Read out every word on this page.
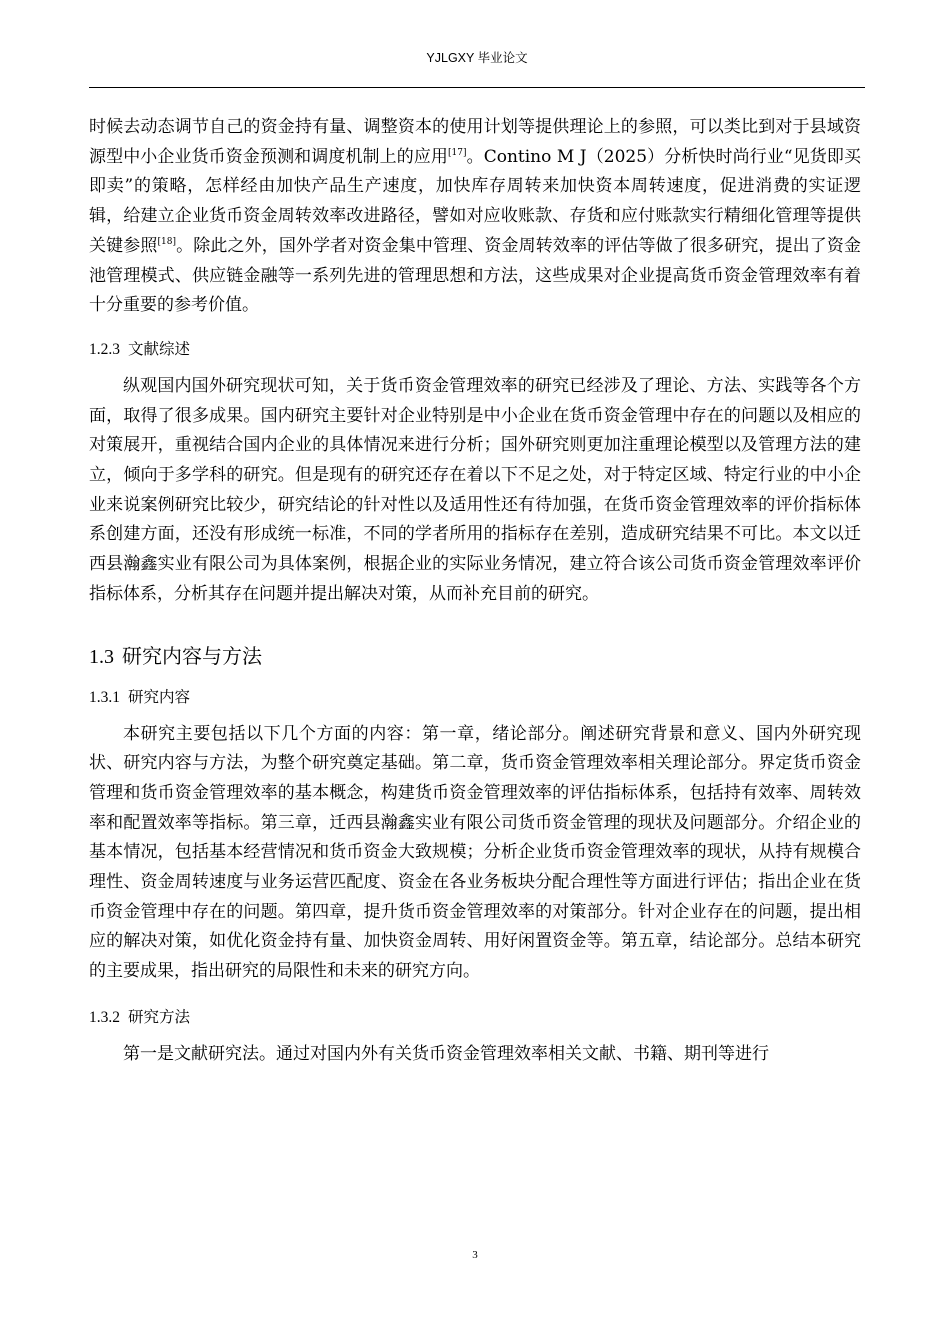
YJLGXY 毕业论文

时候去动态调节自己的资金持有量、调整资本的使用计划等提供理论上的参照，可以类比到对于县域资源型中小企业货币资金预测和调度机制上的应用[17]。Contino M J（2025）分析快时尚行业“见货即买即卖”的策略，怎样经由加快产品生产速度，加快库存周转来加快资本周转速度，促进消费的实证逻辑，给建立企业货币资金周转效率改进路径，譬如对应收账款、存货和应付账款实行精细化管理等提供关键参照[18]。除此之外，国外学者对资金集中管理、资金周转效率的评估等做了很多研究，提出了资金池管理模式、供应链金融等一系列先进的管理思想和方法，这些成果对企业提高货币资金管理效率有着十分重要的参考价值。

1.2.3 文献综述

纵观国内国外研究现状可知，关于货币资金管理效率的研究已经涉及了理论、方法、实践等各个方面，取得了很多成果。国内研究主要针对企业特别是中小企业在货币资金管理中存在的问题以及相应的对策展开，重视结合国内企业的具体情况来进行分析；国外研究则更加注重理论模型以及管理方法的建立，倾向于多学科的研究。但是现有的研究还存在着以下不足之处，对于特定区域、特定行业的中小企业来说案例研究比较少，研究结论的针对性以及适用性还有待加强，在货币资金管理效率的评价指标体系创建方面，还没有形成统一标准，不同的学者所用的指标存在差别，造成研究结果不可比。本文以迁西县瀚鑫实业有限公司为具体案例，根据企业的实际业务情况，建立符合该公司货币资金管理效率评价指标体系，分析其存在问题并提出解决对策，从而补充目前的研究。

1.3 研究内容与方法
1.3.1 研究内容

本研究主要包括以下几个方面的内容：第一章，绪论部分。阐述研究背景和意义、国内外研究现状、研究内容与方法，为整个研究奠定基础。第二章，货币资金管理效率相关理论部分。界定货币资金管理和货币资金管理效率的基本概念，构建货币资金管理效率的评估指标体系，包括持有效率、周转效率和配置效率等指标。第三章，迁西县瀚鑫实业有限公司货币资金管理的现状及问题部分。介绍企业的基本情况，包括基本经营情况和货币资金大致规模；分析企业货币资金管理效率的现状，从持有规模合理性、资金周转速度与业务运营匹配度、资金在各业务板块分配合理性等方面进行评估；指出企业在货币资金管理中存在的问题。第四章，提升货币资金管理效率的对策部分。针对企业存在的问题，提出相应的解决对策，如优化资金持有量、加快资金周转、用好闲置资金等。第五章，结论部分。总结本研究的主要成果，指出研究的局限性和未来的研究方向。

1.3.2 研究方法

第一是文献研究法。通过对国内外有关货币资金管理效率相关文献、书籍、期刊等进行

3
